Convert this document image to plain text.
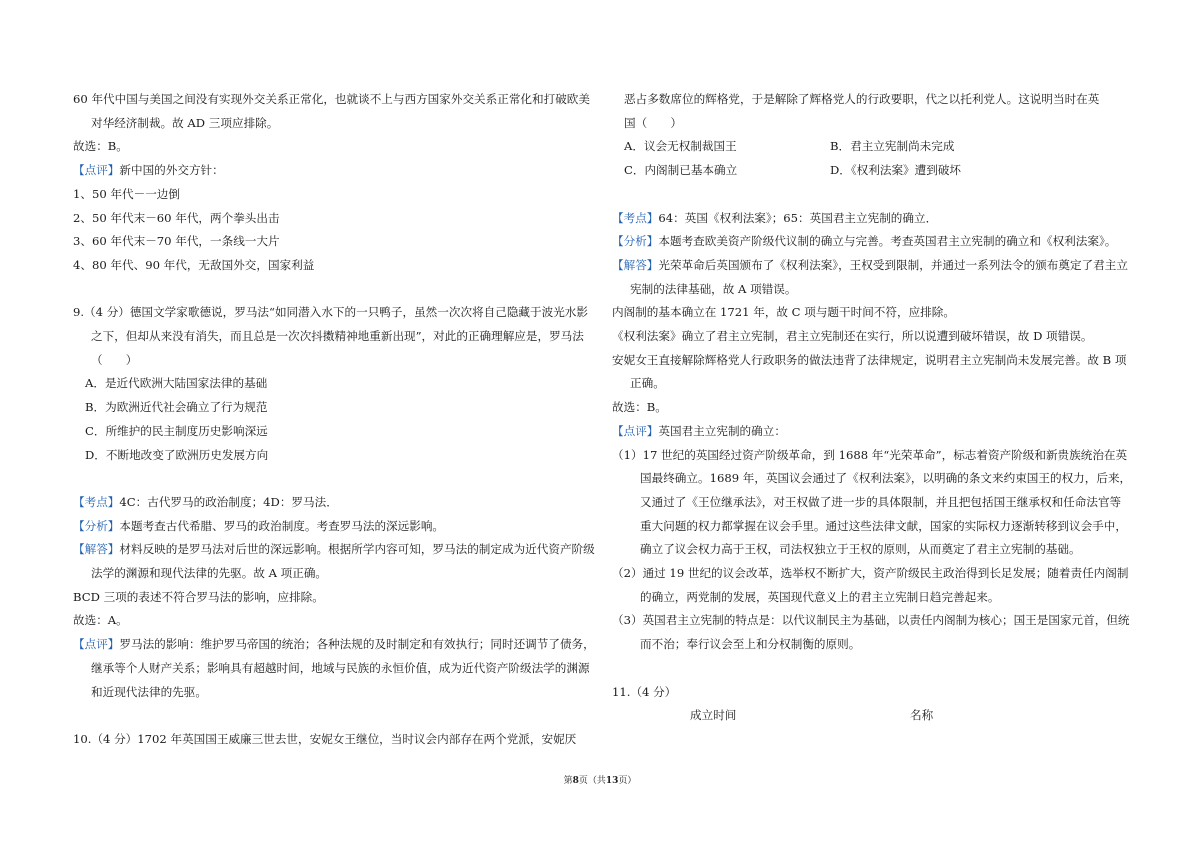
60 年代中国与美国之间没有实现外交关系正常化，也就谈不上与西方国家外交关系正常化和打破欧美对华经济制裁。故 AD 三项应排除。

故选：B。

【点评】新中国的外交方针：

1、50 年代－一边倒

2、50 年代末－60 年代，两个拳头出击

3、60 年代末－70 年代，一条线一大片

4、80 年代、90 年代，无敌国外交，国家利益

9.（4 分）德国文学家歌德说，罗马法“如同潜入水下的一只鸭子，虽然一次次将自己隐藏于波光水影之下，但却从来没有消失，而且总是一次次抖擞精神地重新出现”，对此的正确理解应是，罗马法（　　）

A．是近代欧洲大陆国家法律的基础

B．为欧洲近代社会确立了行为规范

C．所维护的民主制度历史影响深远

D．不断地改变了欧洲历史发展方向

【考点】4C：古代罗马的政治制度；4D：罗马法．

【分析】本题考查古代希腊、罗马的政治制度。考查罗马法的深远影响。

【解答】材料反映的是罗马法对后世的深远影响。根据所学内容可知，罗马法的制定成为近代资产阶级法学的渊源和现代法律的先驱。故 A 项正确。

BCD 三项的表述不符合罗马法的影响，应排除。

故选：A。

【点评】罗马法的影响：维护罗马帝国的统治；各种法规的及时制定和有效执行；同时还调节了债务，继承等个人财产关系；影响具有超越时间，地域与民族的永恒价值，成为近代资产阶级法学的渊源和近现代法律的先驱。

10.（4 分）1702 年英国国王威廉三世去世，安妮女王继位，当时议会内部存在两个党派，安妮厌

恶占多数席位的辉格党，于是解除了辉格党人的行政要职，代之以托利党人。这说明当时在英

国（　　）

A．议会无权制裁国王	B．君主立宪制尚未完成
C．内阁制已基本确立	D．《权利法案》遭到破坏

【考点】64：英国《权利法案》；65：英国君主立宪制的确立．

【分析】本题考查欧美资产阶级代议制的确立与完善。考查英国君主立宪制的确立和《权利法案》。

【解答】光荣革命后英国颁布了《权利法案》，王权受到限制，并通过一系列法令的颁布奠定了君主立宪制的法律基础，故 A 项错误。

内阁制的基本确立在 1721 年，故 C 项与题干时间不符，应排除。

《权利法案》确立了君主立宪制，君主立宪制还在实行，所以说遭到破坏错误，故 D 项错误。

安妮女王直接解除辉格党人行政职务的做法违背了法律规定，说明君主立宪制尚未发展完善。故 B 项正确。

故选：B。

【点评】英国君主立宪制的确立：

（1）17 世纪的英国经过资产阶级革命，到 1688 年“光荣革命”，标志着资产阶级和新贵族统治在英国最终确立。1689 年，英国议会通过了《权利法案》，以明确的条文来约束国王的权力，后来，又通过了《王位继承法》，对王权做了进一步的具体限制，并且把包括国王继承权和任命法官等重大问题的权力都掌握在议会手里。通过这些法律文献，国家的实际权力逐渐转移到议会手中，确立了议会权力高于王权，司法权独立于王权的原则，从而奠定了君主立宪制的基础。

（2）通过 19 世纪的议会改革，选举权不断扩大，资产阶级民主政治得到长足发展；随着责任内阁制的确立，两党制的发展，英国现代意义上的君主立宪制日趋完善起来。

（3）英国君主立宪制的特点是：以代议制民主为基础，以责任内阁制为核心；国王是国家元首，但统而不治；奉行议会至上和分权制衡的原则。

11.（4 分）

成立时间	名称
第8页（共13页）
